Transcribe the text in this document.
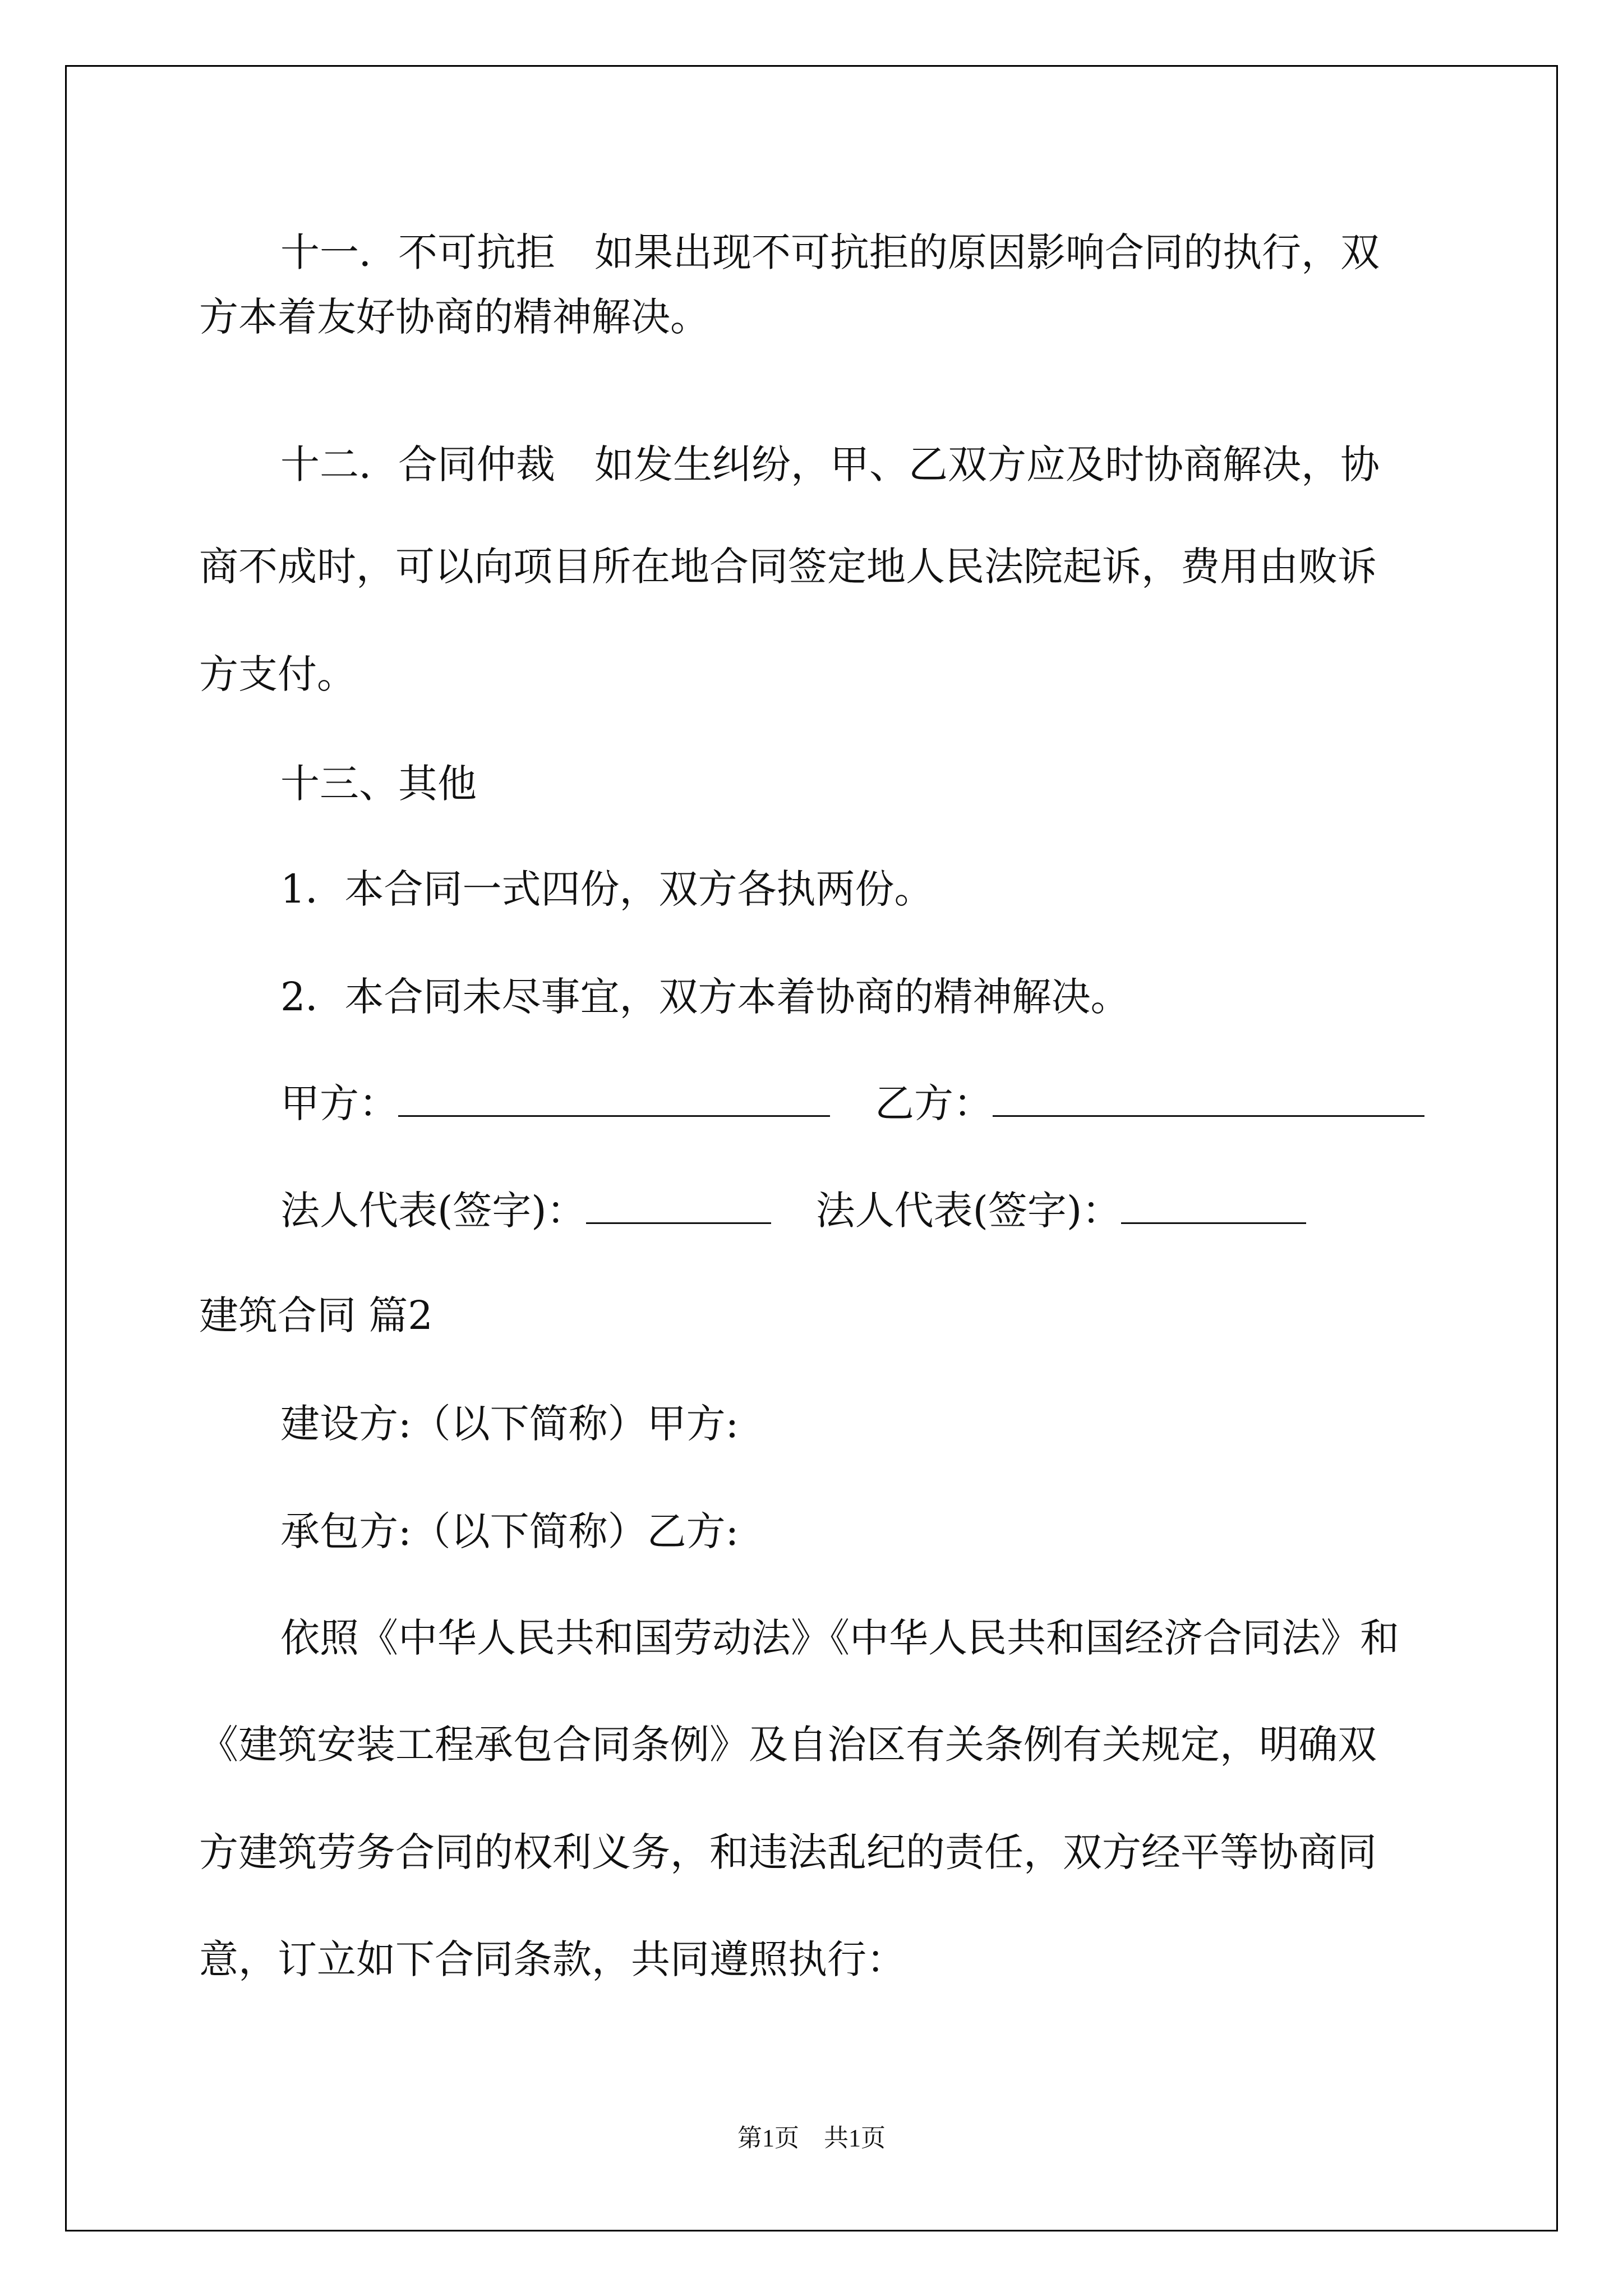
十一．不可抗拒　如果出现不可抗拒的原因影响合同的执行，双

方本着友好协商的精神解决。

十二．合同仲裁　如发生纠纷，甲、乙双方应及时协商解决，协

商不成时，可以向项目所在地合同签定地人民法院起诉，费用由败诉

方支付。

十三、其他

1．本合同一式四份，双方各执两份。

2．本合同未尽事宜，双方本着协商的精神解决。

甲方：	乙方：

法人代表(签字)：	法人代表(签字)：

建筑合同 篇2

建设方:（以下简称）甲方:

承包方:（以下简称）乙方:

依照《中华人民共和国劳动法》《中华人民共和国经济合同法》和

《建筑安装工程承包合同条例》及自治区有关条例有关规定，明确双

方建筑劳务合同的权利义务，和违法乱纪的责任，双方经平等协商同

意，订立如下合同条款，共同遵照执行：

第1页　共1页
